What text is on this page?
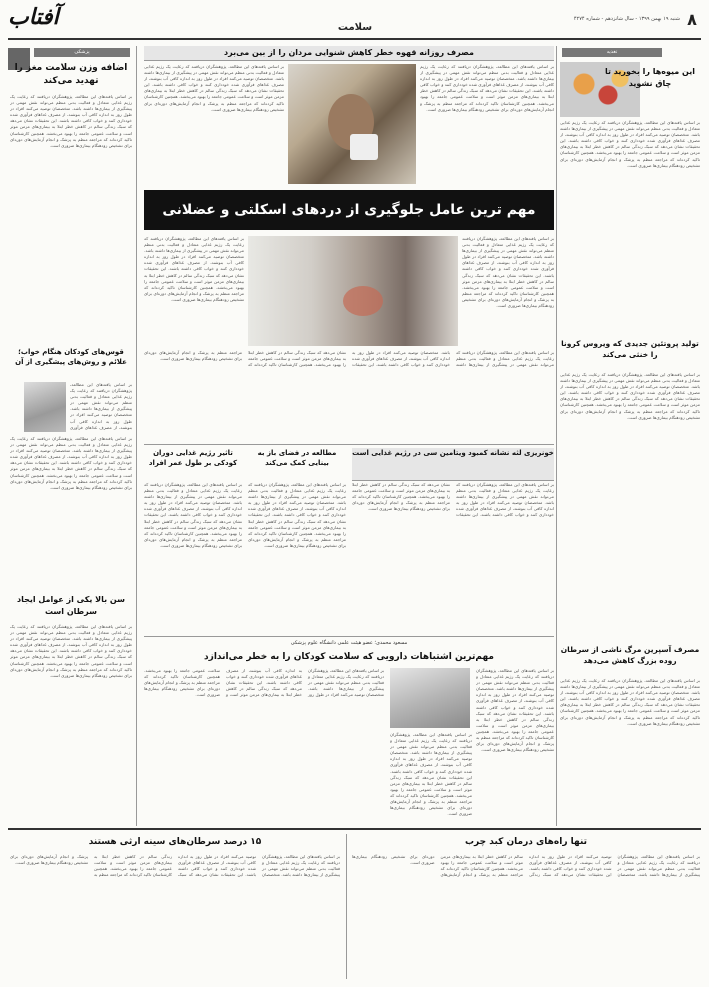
آفتاب	سلامت
شنبه ۱۹ بهمن ۱۳۹۹ - سال شانزدهم - شماره ۴۲۷۴ ۸
پزشکی	تغذیه
اضافه وزن سلامت مغز را تهدید می‌کند
بر اساس یافته‌های این مطالعه، پژوهشگران دریافتند که رعایت یک رژیم غذایی متعادل و فعالیت بدنی منظم می‌تواند نقش مهمی در پیشگیری از بیماری‌ها داشته باشد. متخصصان توصیه می‌کنند افراد در طول روز به اندازه کافی آب بنوشند، از مصرف غذاهای فرآوری شده خودداری کنند و خواب کافی داشته باشند. این تحقیقات نشان می‌دهد که سبک زندگی سالم در کاهش خطر ابتلا به بیماری‌های مزمن موثر است و سلامت عمومی جامعه را بهبود می‌بخشد. همچنین کارشناسان تاکید کرده‌اند که مراجعه منظم به پزشک و انجام آزمایش‌های دوره‌ای برای تشخیص زودهنگام بیماری‌ها ضروری است.
قوس‌های کودکان هنگام خواب؛ علائم و روش‌های پیشگیری از آن
بر اساس یافته‌های این مطالعه، پژوهشگران دریافتند که رعایت یک رژیم غذایی متعادل و فعالیت بدنی منظم می‌تواند نقش مهمی در پیشگیری از بیماری‌ها داشته باشد. متخصصان توصیه می‌کنند افراد در طول روز به اندازه کافی آب بنوشند، از مصرف غذاهای فرآوری
بر اساس یافته‌های این مطالعه، پژوهشگران دریافتند که رعایت یک رژیم غذایی متعادل و فعالیت بدنی منظم می‌تواند نقش مهمی در پیشگیری از بیماری‌ها داشته باشد. متخصصان توصیه می‌کنند افراد در طول روز به اندازه کافی آب بنوشند، از مصرف غذاهای فرآوری شده خودداری کنند و خواب کافی داشته باشند. این تحقیقات نشان می‌دهد که سبک زندگی سالم در کاهش خطر ابتلا به بیماری‌های مزمن موثر است و سلامت عمومی جامعه را بهبود می‌بخشد. همچنین کارشناسان تاکید کرده‌اند که مراجعه منظم به پزشک و انجام آزمایش‌های دوره‌ای برای تشخیص زودهنگام بیماری‌ها ضروری است.
سن بالا یکی از عوامل ایجاد سرطان است
بر اساس یافته‌های این مطالعه، پژوهشگران دریافتند که رعایت یک رژیم غذایی متعادل و فعالیت بدنی منظم می‌تواند نقش مهمی در پیشگیری از بیماری‌ها داشته باشد. متخصصان توصیه می‌کنند افراد در طول روز به اندازه کافی آب بنوشند، از مصرف غذاهای فرآوری شده خودداری کنند و خواب کافی داشته باشند. این تحقیقات نشان می‌دهد که سبک زندگی سالم در کاهش خطر ابتلا به بیماری‌های مزمن موثر است و سلامت عمومی جامعه را بهبود می‌بخشد. همچنین کارشناسان تاکید کرده‌اند که مراجعه منظم به پزشک و انجام آزمایش‌های دوره‌ای برای تشخیص زودهنگام بیماری‌ها ضروری است.
مصرف روزانه قهوه خطر کاهش شنوایی مردان را از بین می‌برد
بر اساس یافته‌های این مطالعه، پژوهشگران دریافتند که رعایت یک رژیم غذایی متعادل و فعالیت بدنی منظم می‌تواند نقش مهمی در پیشگیری از بیماری‌ها داشته باشد. متخصصان توصیه می‌کنند افراد در طول روز به اندازه کافی آب بنوشند، از مصرف غذاهای فرآوری شده خودداری کنند و خواب کافی داشته باشند. این تحقیقات نشان می‌دهد که سبک زندگی سالم در کاهش خطر ابتلا به بیماری‌های مزمن موثر است و سلامت عمومی جامعه را بهبود می‌بخشد. همچنین کارشناسان تاکید کرده‌اند که مراجعه منظم به پزشک و انجام آزمایش‌های دوره‌ای برای تشخیص زودهنگام بیماری‌ها ضروری است.
بر اساس یافته‌های این مطالعه، پژوهشگران دریافتند که رعایت یک رژیم غذایی متعادل و فعالیت بدنی منظم می‌تواند نقش مهمی در پیشگیری از بیماری‌ها داشته باشد. متخصصان توصیه می‌کنند افراد در طول روز به اندازه کافی آب بنوشند، از مصرف غذاهای فرآوری شده خودداری کنند و خواب کافی داشته باشند. این تحقیقات نشان می‌دهد که سبک زندگی سالم در کاهش خطر ابتلا به بیماری‌های مزمن موثر است و سلامت عمومی جامعه را بهبود می‌بخشد. همچنین کارشناسان تاکید کرده‌اند که مراجعه منظم به پزشک و انجام آزمایش‌های دوره‌ای برای تشخیص زودهنگام بیماری‌ها ضروری است.
این میوه‌ها را بخورید تا چاق نشوید
بر اساس یافته‌های این مطالعه، پژوهشگران دریافتند که رعایت یک رژیم غذایی متعادل و فعالیت بدنی منظم می‌تواند نقش مهمی در پیشگیری از بیماری‌ها داشته باشد. متخصصان توصیه می‌کنند افراد در طول روز به اندازه کافی آب بنوشند، از مصرف غذاهای فرآوری شده خودداری کنند و خواب کافی داشته باشند. این تحقیقات نشان می‌دهد که سبک زندگی سالم در کاهش خطر ابتلا به بیماری‌های مزمن موثر است و سلامت عمومی جامعه را بهبود می‌بخشد. همچنین کارشناسان تاکید کرده‌اند که مراجعه منظم به پزشک و انجام آزمایش‌های دوره‌ای برای تشخیص زودهنگام بیماری‌ها ضروری است.
تولید پروتئین جدیدی که ویروس کرونا را خنثی می‌کند
بر اساس یافته‌های این مطالعه، پژوهشگران دریافتند که رعایت یک رژیم غذایی متعادل و فعالیت بدنی منظم می‌تواند نقش مهمی در پیشگیری از بیماری‌ها داشته باشد. متخصصان توصیه می‌کنند افراد در طول روز به اندازه کافی آب بنوشند، از مصرف غذاهای فرآوری شده خودداری کنند و خواب کافی داشته باشند. این تحقیقات نشان می‌دهد که سبک زندگی سالم در کاهش خطر ابتلا به بیماری‌های مزمن موثر است و سلامت عمومی جامعه را بهبود می‌بخشد. همچنین کارشناسان تاکید کرده‌اند که مراجعه منظم به پزشک و انجام آزمایش‌های دوره‌ای برای تشخیص زودهنگام بیماری‌ها ضروری است.
مصرف آسپرین مرگ ناشی از سرطان روده بزرگ کاهش می‌دهد
بر اساس یافته‌های این مطالعه، پژوهشگران دریافتند که رعایت یک رژیم غذایی متعادل و فعالیت بدنی منظم می‌تواند نقش مهمی در پیشگیری از بیماری‌ها داشته باشد. متخصصان توصیه می‌کنند افراد در طول روز به اندازه کافی آب بنوشند، از مصرف غذاهای فرآوری شده خودداری کنند و خواب کافی داشته باشند. این تحقیقات نشان می‌دهد که سبک زندگی سالم در کاهش خطر ابتلا به بیماری‌های مزمن موثر است و سلامت عمومی جامعه را بهبود می‌بخشد. همچنین کارشناسان تاکید کرده‌اند که مراجعه منظم به پزشک و انجام آزمایش‌های دوره‌ای برای تشخیص زودهنگام بیماری‌ها ضروری است.
مهم ترین عامل جلوگیری از دردهای اسکلتی و عضلانی
بر اساس یافته‌های این مطالعه، پژوهشگران دریافتند که رعایت یک رژیم غذایی متعادل و فعالیت بدنی منظم می‌تواند نقش مهمی در پیشگیری از بیماری‌ها داشته باشد. متخصصان توصیه می‌کنند افراد در طول روز به اندازه کافی آب بنوشند، از مصرف غذاهای فرآوری شده خودداری کنند و خواب کافی داشته باشند. این تحقیقات نشان می‌دهد که سبک زندگی سالم در کاهش خطر ابتلا به بیماری‌های مزمن موثر است و سلامت عمومی جامعه را بهبود می‌بخشد. همچنین کارشناسان تاکید کرده‌اند که مراجعه منظم به پزشک و انجام آزمایش‌های دوره‌ای برای تشخیص زودهنگام بیماری‌ها ضروری است.
بر اساس یافته‌های این مطالعه، پژوهشگران دریافتند که رعایت یک رژیم غذایی متعادل و فعالیت بدنی منظم می‌تواند نقش مهمی در پیشگیری از بیماری‌ها داشته باشد. متخصصان توصیه می‌کنند افراد در طول روز به اندازه کافی آب بنوشند، از مصرف غذاهای فرآوری شده خودداری کنند و خواب کافی داشته باشند. این تحقیقات نشان می‌دهد که سبک زندگی سالم در کاهش خطر ابتلا به بیماری‌های مزمن موثر است و سلامت عمومی جامعه را بهبود می‌بخشد. همچنین کارشناسان تاکید کرده‌اند که مراجعه منظم به پزشک و انجام آزمایش‌های دوره‌ای برای تشخیص زودهنگام بیماری‌ها ضروری است.
بر اساس یافته‌های این مطالعه، پژوهشگران دریافتند که رعایت یک رژیم غذایی متعادل و فعالیت بدنی منظم می‌تواند نقش مهمی در پیشگیری از بیماری‌ها داشته باشد. متخصصان توصیه می‌کنند افراد در طول روز به اندازه کافی آب بنوشند، از مصرف غذاهای فرآوری شده خودداری کنند و خواب کافی داشته باشند. این تحقیقات نشان می‌دهد که سبک زندگی سالم در کاهش خطر ابتلا به بیماری‌های مزمن موثر است و سلامت عمومی جامعه را بهبود می‌بخشد. همچنین کارشناسان تاکید کرده‌اند که مراجعه منظم به پزشک و انجام آزمایش‌های دوره‌ای برای تشخیص زودهنگام بیماری‌ها ضروری است.
تاثیر رژیم غذایی دوران کودکی بر طول عمر افراد
بر اساس یافته‌های این مطالعه، پژوهشگران دریافتند که رعایت یک رژیم غذایی متعادل و فعالیت بدنی منظم می‌تواند نقش مهمی در پیشگیری از بیماری‌ها داشته باشد. متخصصان توصیه می‌کنند افراد در طول روز به اندازه کافی آب بنوشند، از مصرف غذاهای فرآوری شده خودداری کنند و خواب کافی داشته باشند. این تحقیقات نشان می‌دهد که سبک زندگی سالم در کاهش خطر ابتلا به بیماری‌های مزمن موثر است و سلامت عمومی جامعه را بهبود می‌بخشد. همچنین کارشناسان تاکید کرده‌اند که مراجعه منظم به پزشک و انجام آزمایش‌های دوره‌ای برای تشخیص زودهنگام بیماری‌ها ضروری است.
مطالعه در فضای باز به بینایی کمک می‌کند
بر اساس یافته‌های این مطالعه، پژوهشگران دریافتند که رعایت یک رژیم غذایی متعادل و فعالیت بدنی منظم می‌تواند نقش مهمی در پیشگیری از بیماری‌ها داشته باشد. متخصصان توصیه می‌کنند افراد در طول روز به اندازه کافی آب بنوشند، از مصرف غذاهای فرآوری شده خودداری کنند و خواب کافی داشته باشند. این تحقیقات نشان می‌دهد که سبک زندگی سالم در کاهش خطر ابتلا به بیماری‌های مزمن موثر است و سلامت عمومی جامعه را بهبود می‌بخشد. همچنین کارشناسان تاکید کرده‌اند که مراجعه منظم به پزشک و انجام آزمایش‌های دوره‌ای برای تشخیص زودهنگام بیماری‌ها ضروری است.
خونریزی لثه نشانه کمبود ویتامین سی در رژیم غذایی است
بر اساس یافته‌های این مطالعه، پژوهشگران دریافتند که رعایت یک رژیم غذایی متعادل و فعالیت بدنی منظم می‌تواند نقش مهمی در پیشگیری از بیماری‌ها داشته باشد. متخصصان توصیه می‌کنند افراد در طول روز به اندازه کافی آب بنوشند، از مصرف غذاهای فرآوری شده خودداری کنند و خواب کافی داشته باشند. این تحقیقات نشان می‌دهد که سبک زندگی سالم در کاهش خطر ابتلا به بیماری‌های مزمن موثر است و سلامت عمومی جامعه را بهبود می‌بخشد. همچنین کارشناسان تاکید کرده‌اند که مراجعه منظم به پزشک و انجام آزمایش‌های دوره‌ای برای تشخیص زودهنگام بیماری‌ها ضروری است.
مسعود محمدی؛ عضو هیئت علمی دانشگاه علوم پزشکی
مهم‌ترین اشتباهات دارویی که سلامت کودکان را به خطر می‌اندازد
بر اساس یافته‌های این مطالعه، پژوهشگران دریافتند که رعایت یک رژیم غذایی متعادل و فعالیت بدنی منظم می‌تواند نقش مهمی در پیشگیری از بیماری‌ها داشته باشد. متخصصان توصیه می‌کنند افراد در طول روز به اندازه کافی آب بنوشند، از مصرف غذاهای فرآوری شده خودداری کنند و خواب کافی داشته باشند. این تحقیقات نشان می‌دهد که سبک زندگی سالم در کاهش خطر ابتلا به بیماری‌های مزمن موثر است و سلامت عمومی جامعه را بهبود می‌بخشد. همچنین کارشناسان تاکید کرده‌اند که مراجعه منظم به پزشک و انجام آزمایش‌های دوره‌ای برای تشخیص زودهنگام بیماری‌ها ضروری است.
بر اساس یافته‌های این مطالعه، پژوهشگران دریافتند که رعایت یک رژیم غذایی متعادل و فعالیت بدنی منظم می‌تواند نقش مهمی در پیشگیری از بیماری‌ها داشته باشد. متخصصان توصیه می‌کنند افراد در طول روز به اندازه کافی آب بنوشند، از مصرف غذاهای فرآوری شده خودداری کنند و خواب کافی داشته باشند. این تحقیقات نشان می‌دهد که سبک زندگی سالم در کاهش خطر ابتلا به بیماری‌های مزمن موثر است و سلامت عمومی جامعه را بهبود می‌بخشد. همچنین کارشناسان تاکید کرده‌اند که مراجعه منظم به پزشک و انجام آزمایش‌های دوره‌ای برای تشخیص زودهنگام بیماری‌ها ضروری است.
بر اساس یافته‌های این مطالعه، پژوهشگران دریافتند که رعایت یک رژیم غذایی متعادل و فعالیت بدنی منظم می‌تواند نقش مهمی در پیشگیری از بیماری‌ها داشته باشد. متخصصان توصیه می‌کنند افراد در طول روز به اندازه کافی آب بنوشند، از مصرف غذاهای فرآوری شده خودداری کنند و خواب کافی داشته باشند. این تحقیقات نشان می‌دهد که سبک زندگی سالم در کاهش خطر ابتلا به بیماری‌های مزمن موثر است و سلامت عمومی جامعه را بهبود می‌بخشد. همچنین کارشناسان تاکید کرده‌اند که مراجعه منظم به پزشک و انجام آزمایش‌های دوره‌ای برای تشخیص زودهنگام بیماری‌ها ضروری است.
۱۵ درصد سرطان‌های سینه ارثی هستند
بر اساس یافته‌های این مطالعه، پژوهشگران دریافتند که رعایت یک رژیم غذایی متعادل و فعالیت بدنی منظم می‌تواند نقش مهمی در پیشگیری از بیماری‌ها داشته باشد. متخصصان توصیه می‌کنند افراد در طول روز به اندازه کافی آب بنوشند، از مصرف غذاهای فرآوری شده خودداری کنند و خواب کافی داشته باشند. این تحقیقات نشان می‌دهد که سبک زندگی سالم در کاهش خطر ابتلا به بیماری‌های مزمن موثر است و سلامت عمومی جامعه را بهبود می‌بخشد. همچنین کارشناسان تاکید کرده‌اند که مراجعه منظم به پزشک و انجام آزمایش‌های دوره‌ای برای تشخیص زودهنگام بیماری‌ها ضروری است.
تنها راه‌های درمان کبد چرب
بر اساس یافته‌های این مطالعه، پژوهشگران دریافتند که رعایت یک رژیم غذایی متعادل و فعالیت بدنی منظم می‌تواند نقش مهمی در پیشگیری از بیماری‌ها داشته باشد. متخصصان توصیه می‌کنند افراد در طول روز به اندازه کافی آب بنوشند، از مصرف غذاهای فرآوری شده خودداری کنند و خواب کافی داشته باشند. این تحقیقات نشان می‌دهد که سبک زندگی سالم در کاهش خطر ابتلا به بیماری‌های مزمن موثر است و سلامت عمومی جامعه را بهبود می‌بخشد. همچنین کارشناسان تاکید کرده‌اند که مراجعه منظم به پزشک و انجام آزمایش‌های دوره‌ای برای تشخیص زودهنگام بیماری‌ها ضروری است.
